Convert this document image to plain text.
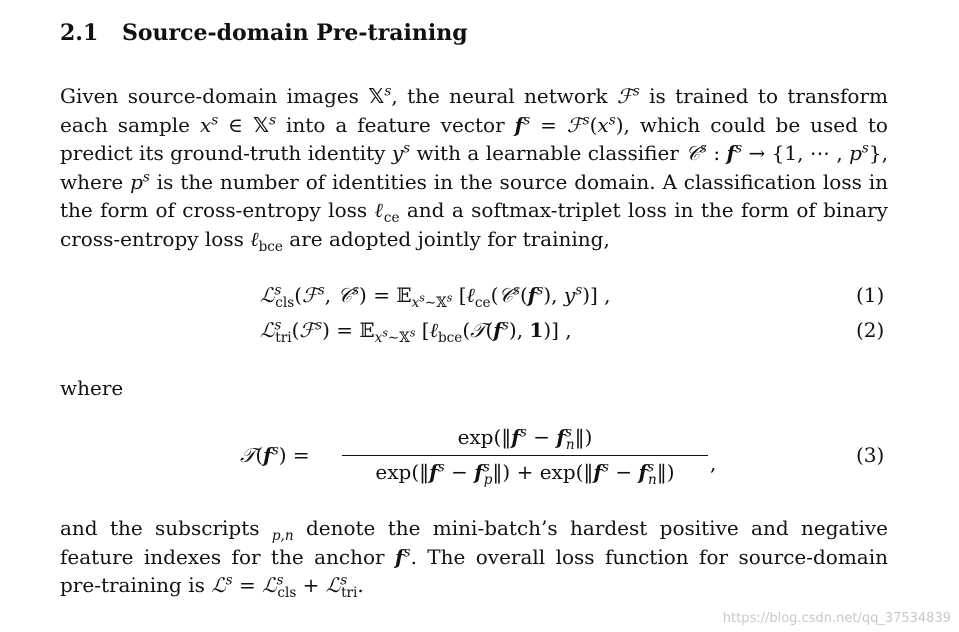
2.1 Source-domain Pre-training

Given source-domain images 𝕏$^s$, the neural network ℱ$^s$ is trained to transform each sample $x^s$ ∈ 𝕏$^s$ into a feature vector $f^s$ = $ℱ^s(x^s)$, which could be used to predict its ground-truth identity $y^s$ with a learnable classifier 𝒞$^s$ : $f^s \to \{1$, ⋯ , $p^s$}, where $p^s$ is the number of identities in the source domain. A classification loss in the form of cross-entropy loss ℓ$_{ce}$ and a softmax-triplet loss in the form of binary cross-entropy loss ℓ$_{bce}$ are adopted jointly for training,

ℒ$^s_{cls}$(ℱ$^s$, 𝒞$^s$) = 𝔼$_{x^s\sim 𝕏^s}$ [$\ell_{ce}(𝒞^s(f^s)$, $y^s$)] ,	(1)
ℒ$^s_{tri}$(ℱ$^s$) = 𝔼$_{x^s\sim 𝕏^s}$ [$\ell_{bce}(𝒯(f^s)$, 1)] ,	(2)

where

$𝒯(f^s)$ =
$\exp(‖f^s$ − $f^s_n‖$)
$\exp(‖f^s$ − $f^s_p‖$) + $\exp(‖f^s$ − $f^s_n‖$)	,	(3)

and the subscripts $_{p,n}$ denote the mini-batch’s hardest positive and negative feature indexes for the anchor $f^s$. The overall loss function for source-domain pre-training is ℒ$^s$ = ℒ$^s_{cls}$ + ℒ$^s_{tri}$.

https://blog.csdn.net/qq_37534839
